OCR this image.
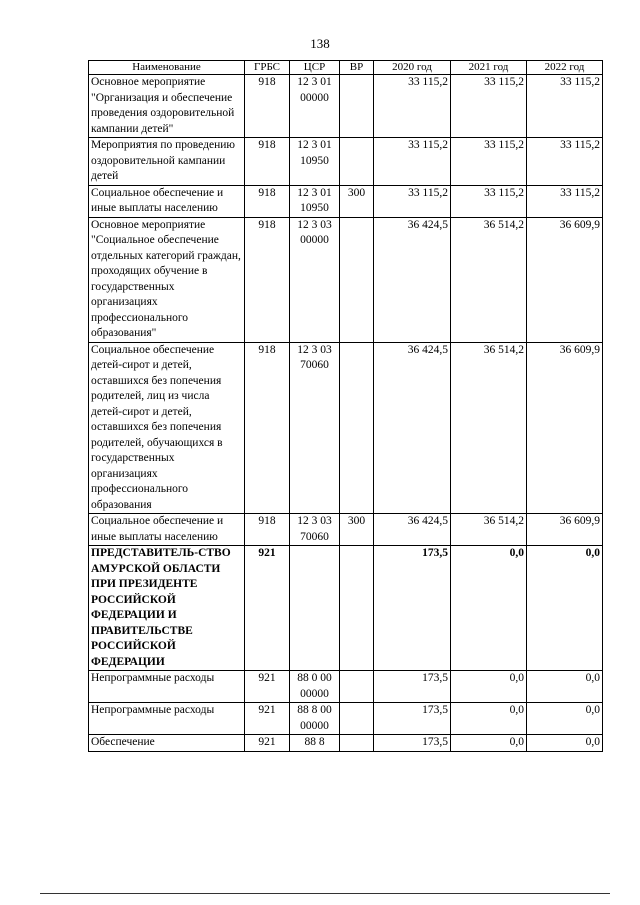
138
Наименование	ГРБС	ЦСР	ВР	2020 год	2021 год	2022 год
Основное мероприятие "Организация и обеспечение проведения оздоровительной кампании детей"	918	12 3 01 00000		33 115,2	33 115,2	33 115,2
Мероприятия по проведению оздоровительной кампании детей	918	12 3 01 10950		33 115,2	33 115,2	33 115,2
Социальное обеспечение и иные выплаты населению	918	12 3 01 10950	300	33 115,2	33 115,2	33 115,2
Основное мероприятие "Социальное обеспечение отдельных категорий граждан, проходящих обучение в государственных организациях профессионального образования"	918	12 3 03 00000		36 424,5	36 514,2	36 609,9
Социальное обеспечение детей-сирот и детей, оставшихся без попечения родителей, лиц из числа детей-сирот и детей, оставшихся без попечения родителей, обучающихся в государственных организациях профессионального образования	918	12 3 03 70060		36 424,5	36 514,2	36 609,9
Социальное обеспечение и иные выплаты населению	918	12 3 03 70060	300	36 424,5	36 514,2	36 609,9
ПРЕДСТАВИТЕЛЬ-СТВО АМУРСКОЙ ОБЛАСТИ ПРИ ПРЕЗИДЕНТЕ РОССИЙСКОЙ ФЕДЕРАЦИИ И ПРАВИТЕЛЬСТВЕ РОССИЙСКОЙ ФЕДЕРАЦИИ	921			173,5	0,0	0,0
Непрограммные расходы	921	88 0 00 00000		173,5	0,0	0,0
Непрограммные расходы	921	88 8 00 00000		173,5	0,0	0,0
Обеспечение	921	88 8		173,5	0,0	0,0
